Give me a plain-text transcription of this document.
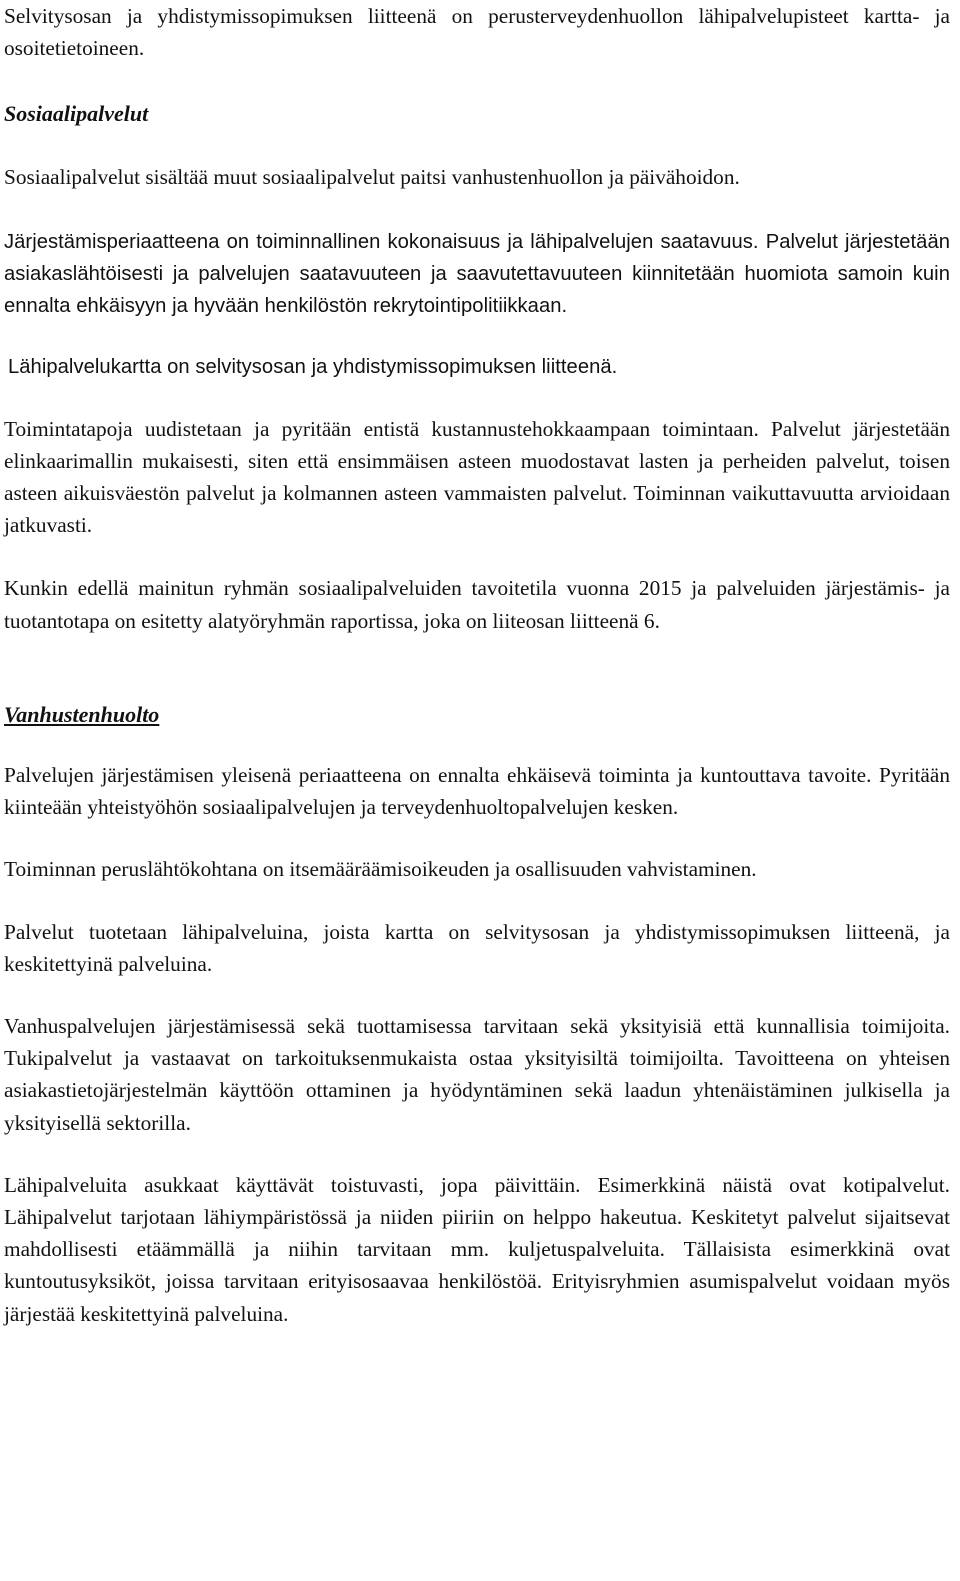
Selvitysosan ja yhdistymissopimuksen liitteenä on perusterveydenhuollon lähipalvelupisteet kartta- ja osoitetietoineen.

Sosiaalipalvelut

Sosiaalipalvelut sisältää muut sosiaalipalvelut paitsi vanhustenhuollon ja päivähoidon.

Järjestämisperiaatteena on toiminnallinen kokonaisuus ja lähipalvelujen saatavuus. Palvelut järjestetään asiakaslähtöisesti ja palvelujen saatavuuteen ja saavutettavuuteen kiinnitetään huomiota samoin kuin ennalta ehkäisyyn ja hyvään henkilöstön rekrytointipolitiikkaan.

Lähipalvelukartta on selvitysosan ja yhdistymissopimuksen liitteenä.

Toimintatapoja uudistetaan ja pyritään entistä kustannustehokkaampaan toimintaan. Palvelut järjestetään elinkaarimallin mukaisesti, siten että ensimmäisen asteen muodostavat lasten ja perheiden palvelut, toisen asteen aikuisväestön palvelut ja kolmannen asteen vammaisten palvelut. Toiminnan vaikuttavuutta arvioidaan jatkuvasti.

Kunkin edellä mainitun ryhmän sosiaalipalveluiden tavoitetila vuonna 2015 ja palveluiden järjestämis- ja tuotantotapa on esitetty alatyöryhmän raportissa, joka on liiteosan liitteenä 6.

Vanhustenhuolto

Palvelujen järjestämisen yleisenä periaatteena on ennalta ehkäisevä toiminta ja kuntouttava tavoite. Pyritään kiinteään yhteistyöhön sosiaalipalvelujen ja terveydenhuoltopalvelujen kesken.

Toiminnan peruslähtökohtana on itsemääräämisoikeuden ja osallisuuden vahvistaminen.

Palvelut tuotetaan lähipalveluina, joista kartta on selvitysosan ja yhdistymissopimuksen liitteenä, ja keskitettyinä palveluina.

Vanhuspalvelujen järjestämisessä sekä tuottamisessa tarvitaan sekä yksityisiä että kunnallisia toimijoita. Tukipalvelut ja vastaavat on tarkoituksenmukaista ostaa yksityisiltä toimijoilta. Tavoitteena on yhteisen asiakastietojärjestelmän käyttöön ottaminen ja hyödyntäminen sekä laadun yhtenäistäminen julkisella ja yksityisellä sektorilla.

Lähipalveluita asukkaat käyttävät toistuvasti, jopa päivittäin. Esimerkkinä näistä ovat kotipalvelut. Lähipalvelut tarjotaan lähiympäristössä ja niiden piiriin on helppo hakeutua. Keskitetyt palvelut sijaitsevat mahdollisesti etäämmällä ja niihin tarvitaan mm. kuljetuspalveluita. Tällaisista esimerkkinä ovat kuntoutusyksiköt, joissa tarvitaan erityisosaavaa henkilöstöä. Erityisryhmien asumispalvelut voidaan myös järjestää keskitettyinä palveluina.
